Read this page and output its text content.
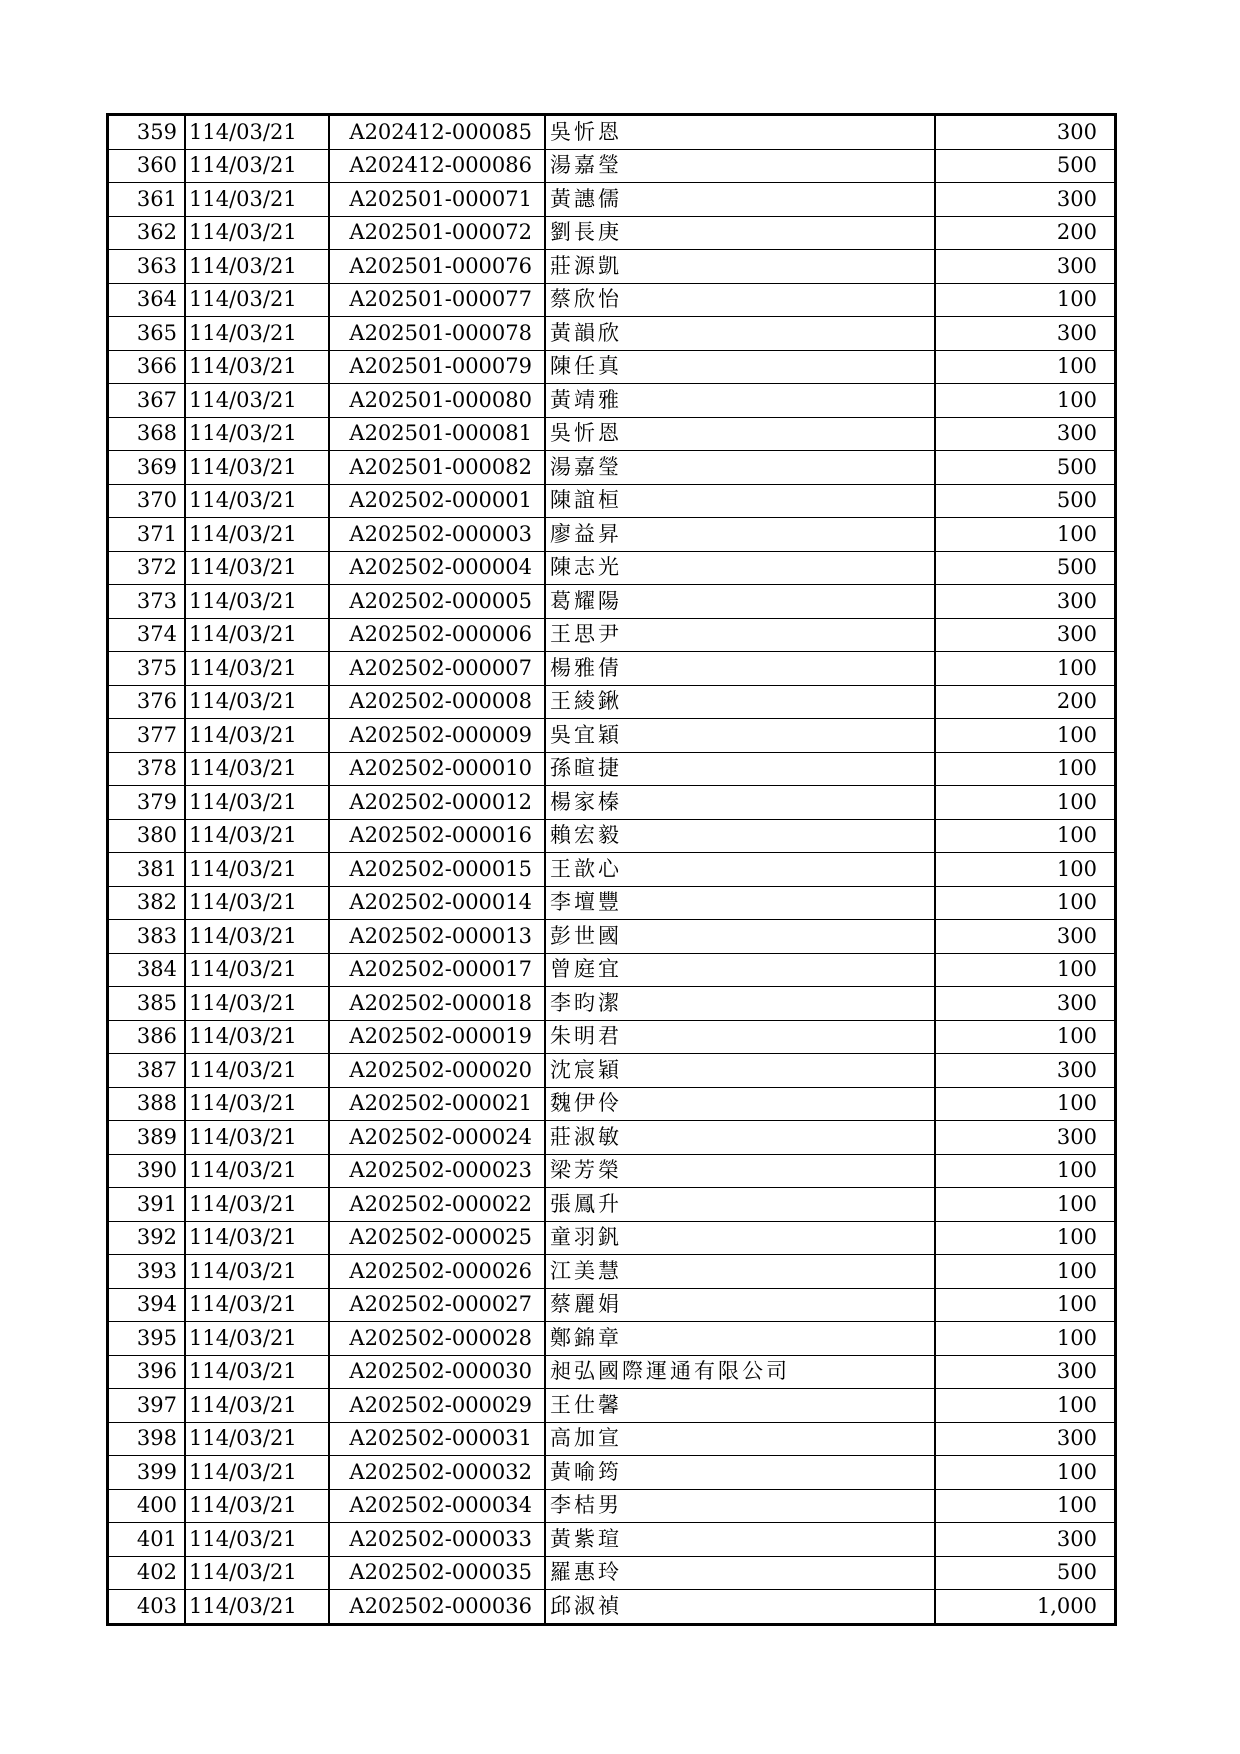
359	114/03/21	A202412-000085	吳忻恩	300
360	114/03/21	A202412-000086	湯嘉瑩	500
361	114/03/21	A202501-000071	黃譓儒	300
362	114/03/21	A202501-000072	劉長庚	200
363	114/03/21	A202501-000076	莊源凱	300
364	114/03/21	A202501-000077	蔡欣怡	100
365	114/03/21	A202501-000078	黃韻欣	300
366	114/03/21	A202501-000079	陳任真	100
367	114/03/21	A202501-000080	黃靖雅	100
368	114/03/21	A202501-000081	吳忻恩	300
369	114/03/21	A202501-000082	湯嘉瑩	500
370	114/03/21	A202502-000001	陳誼桓	500
371	114/03/21	A202502-000003	廖益昇	100
372	114/03/21	A202502-000004	陳志光	500
373	114/03/21	A202502-000005	葛耀陽	300
374	114/03/21	A202502-000006	王思尹	300
375	114/03/21	A202502-000007	楊雅倩	100
376	114/03/21	A202502-000008	王綾鍬	200
377	114/03/21	A202502-000009	吳宜穎	100
378	114/03/21	A202502-000010	孫暄捷	100
379	114/03/21	A202502-000012	楊家榛	100
380	114/03/21	A202502-000016	賴宏毅	100
381	114/03/21	A202502-000015	王歆心	100
382	114/03/21	A202502-000014	李壇豐	100
383	114/03/21	A202502-000013	彭世國	300
384	114/03/21	A202502-000017	曾庭宜	100
385	114/03/21	A202502-000018	李昀潔	300
386	114/03/21	A202502-000019	朱明君	100
387	114/03/21	A202502-000020	沈宸穎	300
388	114/03/21	A202502-000021	魏伊伶	100
389	114/03/21	A202502-000024	莊淑敏	300
390	114/03/21	A202502-000023	梁芳榮	100
391	114/03/21	A202502-000022	張鳳升	100
392	114/03/21	A202502-000025	童羽釩	100
393	114/03/21	A202502-000026	江美慧	100
394	114/03/21	A202502-000027	蔡麗娟	100
395	114/03/21	A202502-000028	鄭錦章	100
396	114/03/21	A202502-000030	昶弘國際運通有限公司	300
397	114/03/21	A202502-000029	王仕馨	100
398	114/03/21	A202502-000031	高加宣	300
399	114/03/21	A202502-000032	黃喻筠	100
400	114/03/21	A202502-000034	李桔男	100
401	114/03/21	A202502-000033	黃紫瑄	300
402	114/03/21	A202502-000035	羅惠玲	500
403	114/03/21	A202502-000036	邱淑禎	1,000
